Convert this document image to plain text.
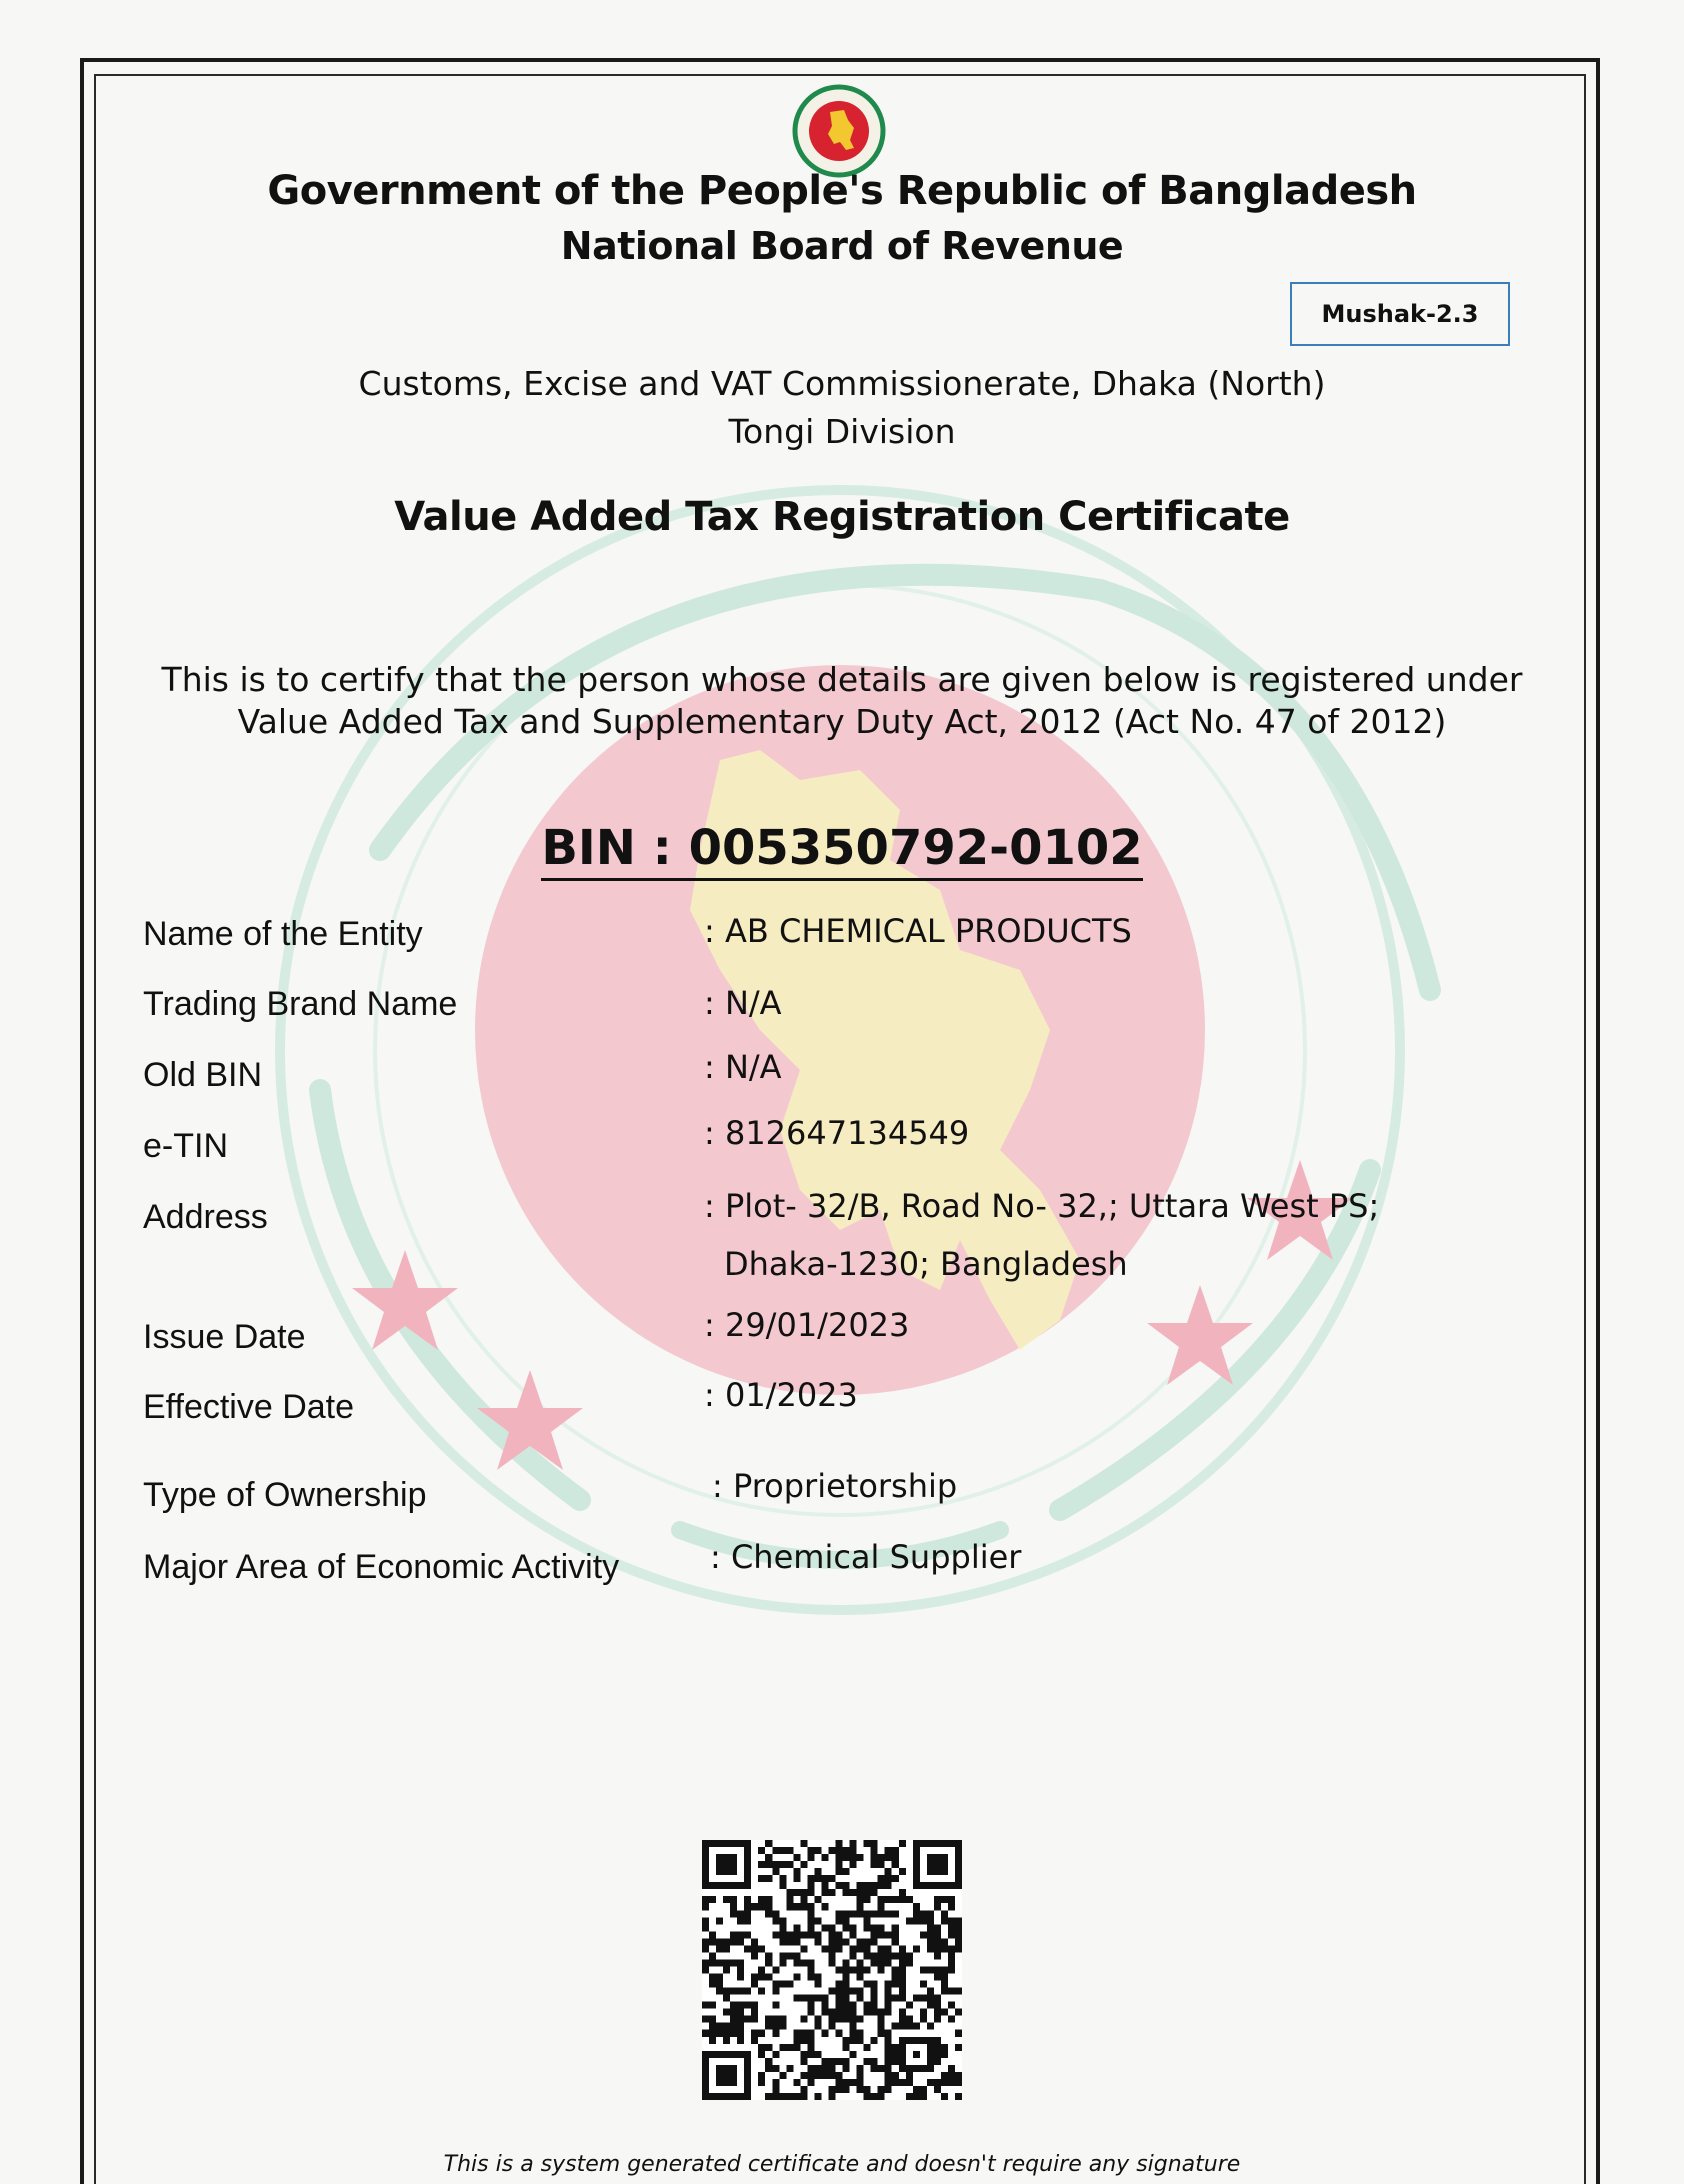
Government of the People's Republic of Bangladesh
National Board of Revenue
Mushak-2.3
Customs, Excise and VAT Commissionerate, Dhaka (North)
Tongi Division
Value Added Tax Registration Certificate
This is to certify that the person whose details are given below is registered under
Value Added Tax and Supplementary Duty Act, 2012 (Act No. 47 of 2012)
BIN : 005350792-0102
Name of the Entity	: AB CHEMICAL PRODUCTS
Trading Brand Name	: N/A
Old BIN	: N/A
e-TIN	: 812647134549
Address	: Plot- 32/B, Road No- 32,; Uttara West PS;
Dhaka-1230; Bangladesh
Issue Date	: 29/01/2023
Effective Date	: 01/2023
Type of Ownership	: Proprietorship
Major Area of Economic Activity	: Chemical Supplier
This is a system generated certificate and doesn't require any signature
